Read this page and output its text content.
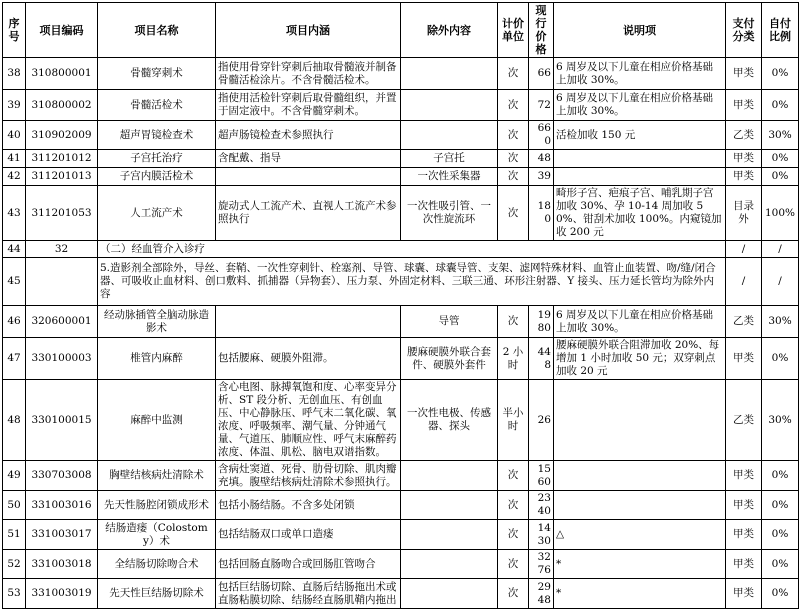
序号	项目编码	项目名称	项目内涵	除外内容	计价单位	现行价格	说明项	支付分类	自付比例
38	310800001	骨髓穿刺术	指使用骨穿针穿刺后抽取骨髓液并制备骨髓活检涂片。不含骨髓活检术。		次	66	6 周岁及以下儿童在相应价格基础上加收 30%。	甲类	0%
39	310800002	骨髓活检术	指使用活检针穿刺后取骨髓组织，并置于固定液中。不含骨髓穿刺术。		次	72	6 周岁及以下儿童在相应价格基础上加收 30%。	甲类	0%
40	310902009	超声胃镜检查术	超声肠镜检查术参照执行		次	660	活检加收 150 元	乙类	30%
41	311201012	子宫托治疗	含配戴、指导	子宫托	次	48		甲类	0%
42	311201013	子宫内膜活检术		一次性采集器	次	39		甲类	0%
43	311201053	人工流产术	旋动式人工流产术、直视人工流产术参照执行	一次性吸引管、一次性旋流环	次	180	畸形子宫、疤痕子宫、哺乳期子宫加收 30%、孕 10-14 周加收 50%、钳刮术加收 100%。内窥镜加收 200 元	目录外	100%
44	32	（二）经血管介入诊疗						/	/
45		5.造影剂全部除外，导丝、套鞘、一次性穿刺针、栓塞剂、导管、球囊、球囊导管、支架、滤网特殊材料、血管止血装置、吻/缝/闭合器、可吸收止血材料、创口敷料、抓捕器（异物套）、压力泵、外固定材料、三联三通、环形注射器、Y 接头、压力延长管均为除外内容						/	/
46	320600001	经动脉插管全脑动脉造影术		导管	次	1980	6 周岁及以下儿童在相应价格基础上加收 30%。	乙类	30%
47	330100003	椎管内麻醉	包括腰麻、硬膜外阻滞。	腰麻硬膜外联合套件、硬膜外套件	2 小时	448	腰麻硬膜外联合阻滞加收 20%、每增加 1 小时加收 50 元；双穿刺点加收 20 元	甲类	0%
48	330100015	麻醉中监测	含心电图、脉搏氧饱和度、心率变异分析、ST 段分析、无创血压、有创血压、中心静脉压、呼气末二氧化碳、氧浓度、呼吸频率、潮气量、分钟通气量、气道压、肺顺应性、呼气末麻醉药浓度、体温、肌松、脑电双谱指数。	一次性电极、传感器、探头	半小时	26		乙类	30%
49	330703008	胸壁结核病灶清除术	含病灶窦道、死骨、肋骨切除、肌肉瓣充填。腹壁结核病灶清除术参照执行。		次	1560		甲类	0%
50	331003016	先天性肠腔闭锁成形术	包括小肠结肠。不含多处闭锁		次	2340		甲类	0%
51	331003017	结肠造瘘（Colostomy）术	包括结肠双口或单口造瘘		次	1430	△	甲类	0%
52	331003018	全结肠切除吻合术	包括回肠直肠吻合或回肠肛管吻合		次	3276	*	甲类	0%
53	331003019	先天性巨结肠切除术	包括巨结肠切除、直肠后结肠拖出术或直肠粘膜切除、结肠经直肠肌鞘内拖出		次	2948	*	甲类	0%
